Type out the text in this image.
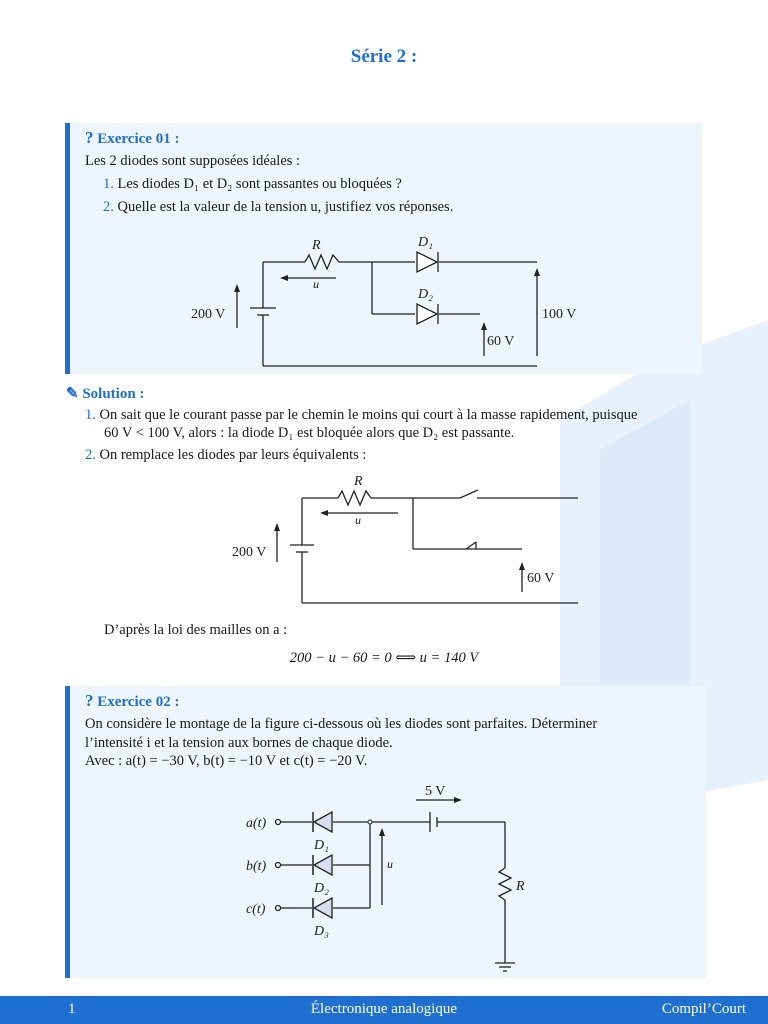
Série 2 :
? Exercice 01 :
Les 2 diodes sont supposées idéales :
1. Les diodes D₁ et D₂ sont passantes ou bloquées ?
2. Quelle est la valeur de la tension u, justifiez vos réponses.
R
u
D₁
D₂
200 V	100 V
60 V
✎ Solution :
1. On sait que le courant passe par le chemin le moins qui court à la masse rapidement, puisque
60 V < 100 V, alors : la diode D₁ est bloquée alors que D₂ est passante.
2. On remplace les diodes par leurs équivalents :
R
u
200 V
60 V
D’après la loi des mailles on a :
200 − u − 60 = 0 ⟺ u = 140 V
? Exercice 02 :
On considère le montage de la figure ci-dessous où les diodes sont parfaites. Déterminer
l’intensité i et la tension aux bornes de chaque diode.
Avec : a(t) = −30 V, b(t) = −10 V et c(t) = −20 V.
a(t)
b(t)
c(t)
D₁
D₂
D₃
u
R
5 V
1	Électronique analogique	Compil’Court
